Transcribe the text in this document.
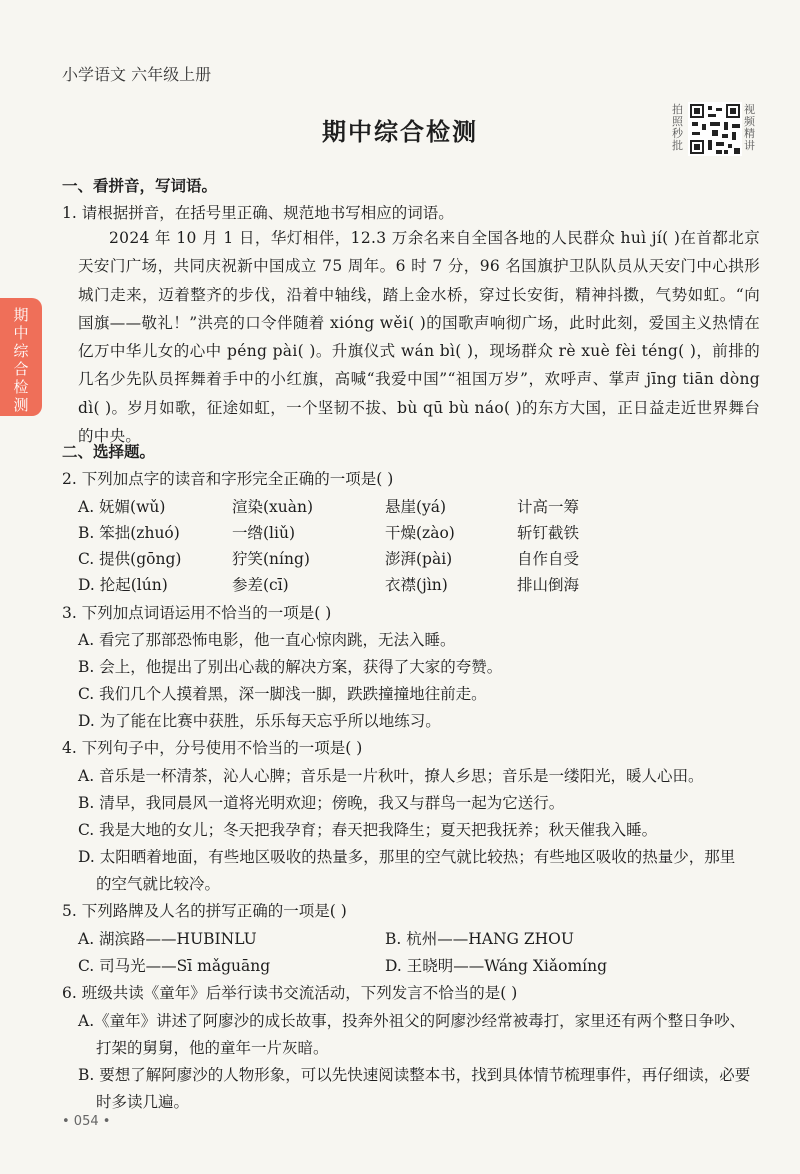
小学语文 六年级上册
期中综合检测
拍照秒批
视频精讲
期中综合检测
一、看拼音，写词语。
1. 请根据拼音，在括号里正确、规范地书写相应的词语。
2024 年 10 月 1 日，华灯相伴，12.3 万余名来自全国各地的人民群众 huì jí( )在首都北京天安门广场，共同庆祝新中国成立 75 周年。6 时 7 分，96 名国旗护卫队队员从天安门中心拱形城门走来，迈着整齐的步伐，沿着中轴线，踏上金水桥，穿过长安街，精神抖擞，气势如虹。“向国旗——敬礼！”洪亮的口令伴随着 xióng wěi( )的国歌声响彻广场，此时此刻，爱国主义热情在亿万中华儿女的心中 péng pài( )。升旗仪式 wán bì( )，现场群众 rè xuè fèi téng( )，前排的几名少先队员挥舞着手中的小红旗，高喊“我爱中国”“祖国万岁”，欢呼声、掌声 jīng tiān dòng dì( )。岁月如歌，征途如虹，一个坚韧不拔、bù qū bù náo( )的东方大国，正日益走近世界舞台的中央。
二、选择题。
2. 下列加点字的读音和字形完全正确的一项是( )
A. 妩媚(wǔ)	渲染(xuàn)	悬崖(yá)	计高一筹
B. 笨拙(zhuó)	一绺(liǔ)	干燥(zào)	斩钉截铁
C. 提供(gōng)	狞笑(níng)	澎湃(pài)	自作自受
D. 抡起(lún)	参差(cī)	衣襟(jìn)	排山倒海
3. 下列加点词语运用不恰当的一项是( )
A. 看完了那部恐怖电影，他一直心惊肉跳，无法入睡。
B. 会上，他提出了别出心裁的解决方案，获得了大家的夸赞。
C. 我们几个人摸着黑，深一脚浅一脚，跌跌撞撞地往前走。
D. 为了能在比赛中获胜，乐乐每天忘乎所以地练习。
4. 下列句子中，分号使用不恰当的一项是( )
A. 音乐是一杯清茶，沁人心脾；音乐是一片秋叶，撩人乡思；音乐是一缕阳光，暖人心田。
B. 清早，我同晨风一道将光明欢迎；傍晚，我又与群鸟一起为它送行。
C. 我是大地的女儿；冬天把我孕育；春天把我降生；夏天把我抚养；秋天催我入睡。
D. 太阳晒着地面，有些地区吸收的热量多，那里的空气就比较热；有些地区吸收的热量少，那里
的空气就比较冷。
5. 下列路牌及人名的拼写正确的一项是( )
A. 湖滨路——HUBINLU	B. 杭州——HANG ZHOU
C. 司马光——Sī mǎguāng	D. 王晓明——Wáng Xiǎomíng
6. 班级共读《童年》后举行读书交流活动，下列发言不恰当的是( )
A.《童年》讲述了阿廖沙的成长故事，投奔外祖父的阿廖沙经常被毒打，家里还有两个整日争吵、
打架的舅舅，他的童年一片灰暗。
B. 要想了解阿廖沙的人物形象，可以先快速阅读整本书，找到具体情节梳理事件，再仔细读，必要
时多读几遍。
• 054 •
